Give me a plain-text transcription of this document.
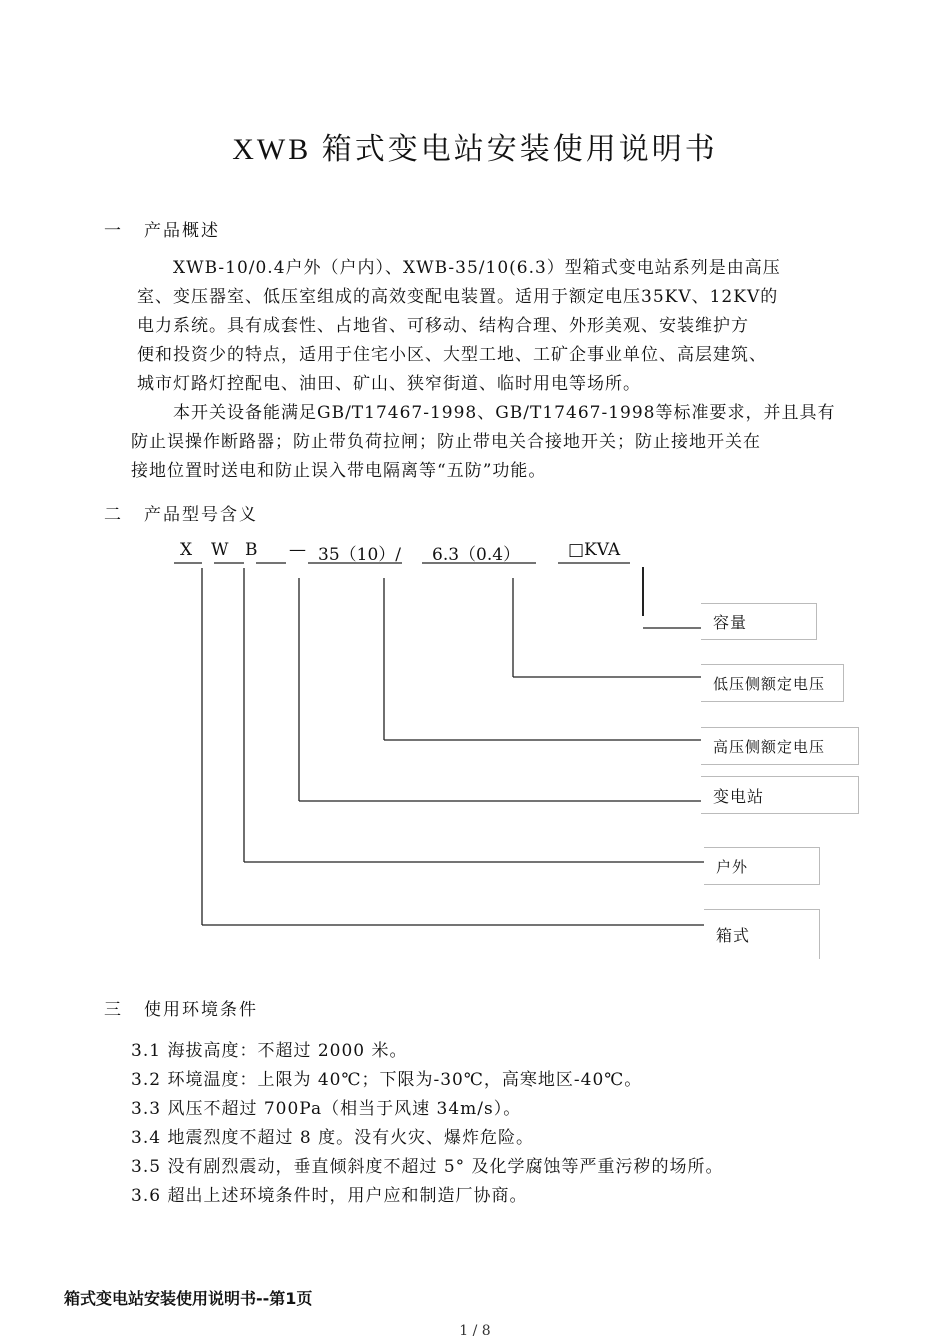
XWB 箱式变电站安装使用说明书
一 产品概述
XWB-10/0.4户外（户内）、XWB-35/10(6.3）型箱式变电站系列是由高压
室、变压器室、低压室组成的高效变配电装置。适用于额定电压35KV、12KV的
电力系统。具有成套性、占地省、可移动、结构合理、外形美观、安装维护方
便和投资少的特点，适用于住宅小区、大型工地、工矿企事业单位、高层建筑、
城市灯路灯控配电、油田、矿山、狭窄街道、临时用电等场所。
本开关设备能满足GB/T17467-1998、GB/T17467-1998等标准要求，并且具有
防止误操作断路器；防止带负荷拉闸；防止带电关合接地开关；防止接地开关在
接地位置时送电和防止误入带电隔离等“五防”功能。
二 产品型号含义
X W B — 35（10）/ 6.3（0.4）	□KVA
容量
低压侧额定电压
高压侧额定电压
变电站
户外
箱式
三 使用环境条件
3.1 海拔高度：不超过 2000 米。
3.2 环境温度：上限为 40℃；下限为-30℃，高寒地区-40℃。
3.3 风压不超过 700Pa（相当于风速 34m/s）。
3.4 地震烈度不超过 8 度。没有火灾、爆炸危险。
3.5 没有剧烈震动，垂直倾斜度不超过 5° 及化学腐蚀等严重污秽的场所。
3.6 超出上述环境条件时，用户应和制造厂协商。
箱式变电站安装使用说明书--第1页
1 / 8
